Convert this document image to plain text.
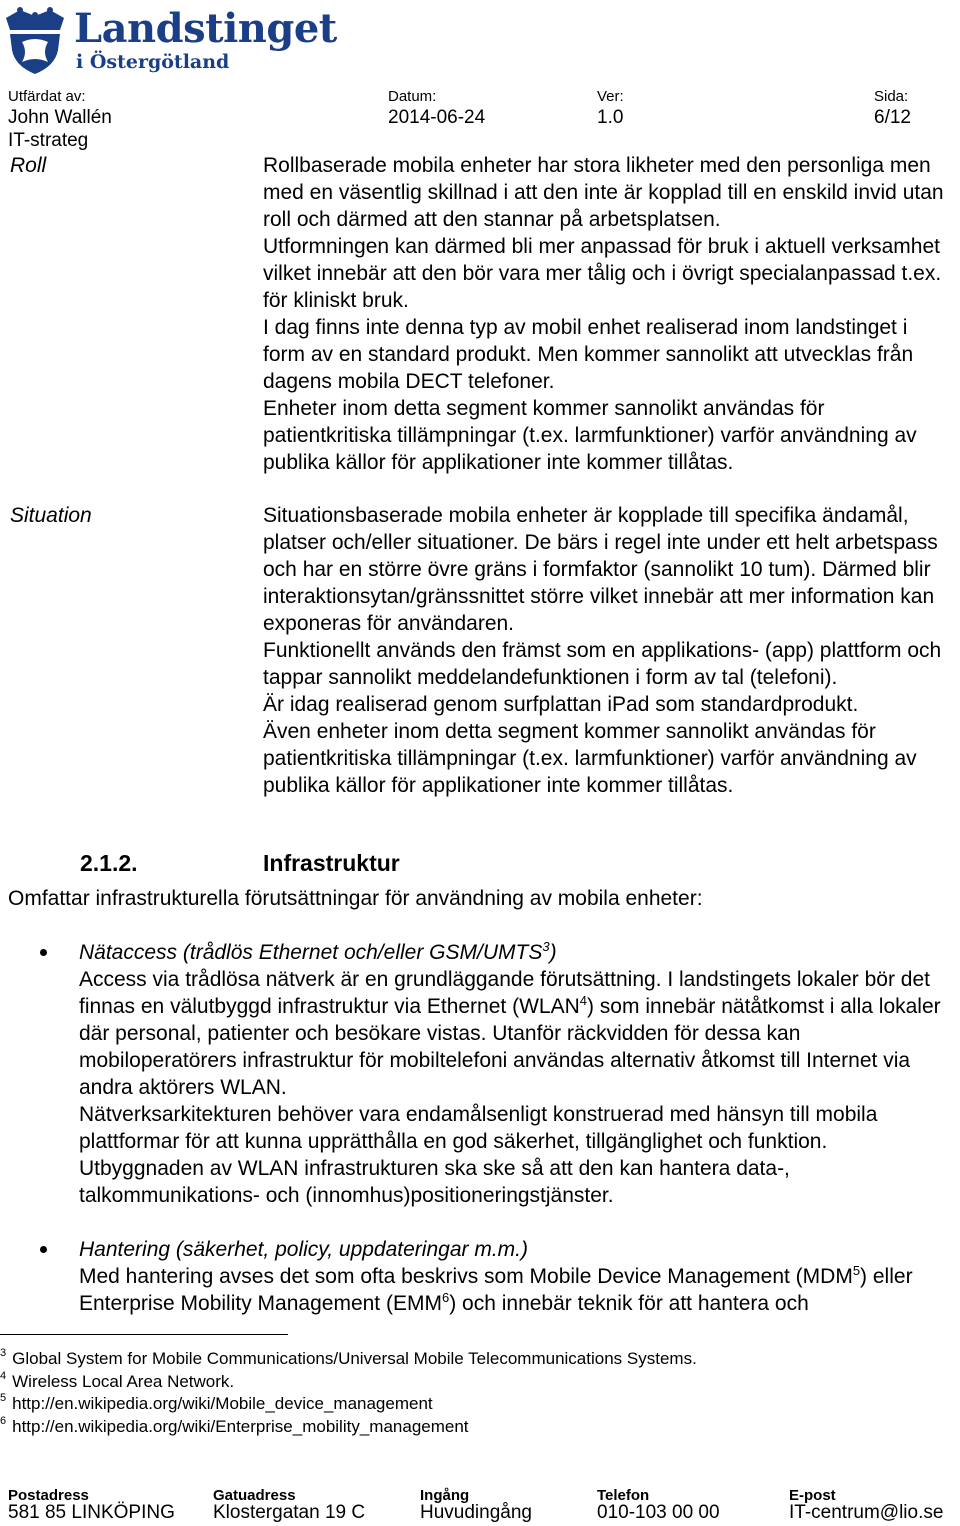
Landstinget
i Östergötland
Utfärdat av:
John Wallén
IT-strateg
Datum:
2014-06-24
Ver:
1.0
Sida:
6/12
Roll	Rollbaserade mobila enheter har stora likheter med den personliga men med en väsentlig skillnad i att den inte är kopplad till en enskild invid utan roll och därmed att den stannar på arbetsplatsen.

Utformningen kan därmed bli mer anpassad för bruk i aktuell verksamhet vilket innebär att den bör vara mer tålig och i övrigt specialanpassad t.ex. för kliniskt bruk.

I dag finns inte denna typ av mobil enhet realiserad inom landstinget i form av en standard produkt. Men kommer sannolikt att utvecklas från dagens mobila DECT telefoner.

Enheter inom detta segment kommer sannolikt användas för patientkritiska tillämpningar (t.ex. larmfunktioner) varför användning av publika källor för applikationer inte kommer tillåtas.

Situation	Situationsbaserade mobila enheter är kopplade till specifika ändamål, platser och/eller situationer. De bärs i regel inte under ett helt arbetspass och har en större övre gräns i formfaktor (sannolikt 10 tum). Därmed blir interaktionsytan/gränssnittet större vilket innebär att mer information kan exponeras för användaren.

Funktionellt används den främst som en applikations- (app) plattform och tappar sannolikt meddelandefunktionen i form av tal (telefoni).

Är idag realiserad genom surfplattan iPad som standardprodukt.

Även enheter inom detta segment kommer sannolikt användas för patientkritiska tillämpningar (t.ex. larmfunktioner) varför användning av publika källor för applikationer inte kommer tillåtas.

2.1.2.	Infrastruktur
Omfattar infrastrukturella förutsättningar för användning av mobila enheter:

Nätaccess (trådlös Ethernet och/eller GSM/UMTS$^3$)

Access via trådlösa nätverk är en grundläggande förutsättning. I landstingets lokaler bör det finnas en välutbyggd infrastruktur via Ethernet (WLAN$^4$) som innebär nätåtkomst i alla lokaler där personal, patienter och besökare vistas. Utanför räckvidden för dessa kan mobiloperatörers infrastruktur för mobiltelefoni användas alternativ åtkomst till Internet via andra aktörers WLAN.

Nätverksarkitekturen behöver vara endamålsenligt konstruerad med hänsyn till mobila plattformar för att kunna upprätthålla en god säkerhet, tillgänglighet och funktion. Utbyggnaden av WLAN infrastrukturen ska ske så att den kan hantera data-, talkommunikations- och (innomhus)positioneringstjänster.

Hantering (säkerhet, policy, uppdateringar m.m.)

Med hantering avses det som ofta beskrivs som Mobile Device Management (MDM$^5$) eller Enterprise Mobility Management (EMM$^6$) och innebär teknik för att hantera och

$^3$ Global System for Mobile Communications/Universal Mobile Telecommunications Systems.
$^4$ Wireless Local Area Network.
$^5$ http://en.wikipedia.org/wiki/Mobile_device_management
$^6$ http://en.wikipedia.org/wiki/Enterprise_mobility_management
Postadress
581 85 LINKÖPING
Gatuadress
Klostergatan 19 C
Ingång
Huvudingång
Telefon
010-103 00 00
E-post
IT-centrum@lio.se
